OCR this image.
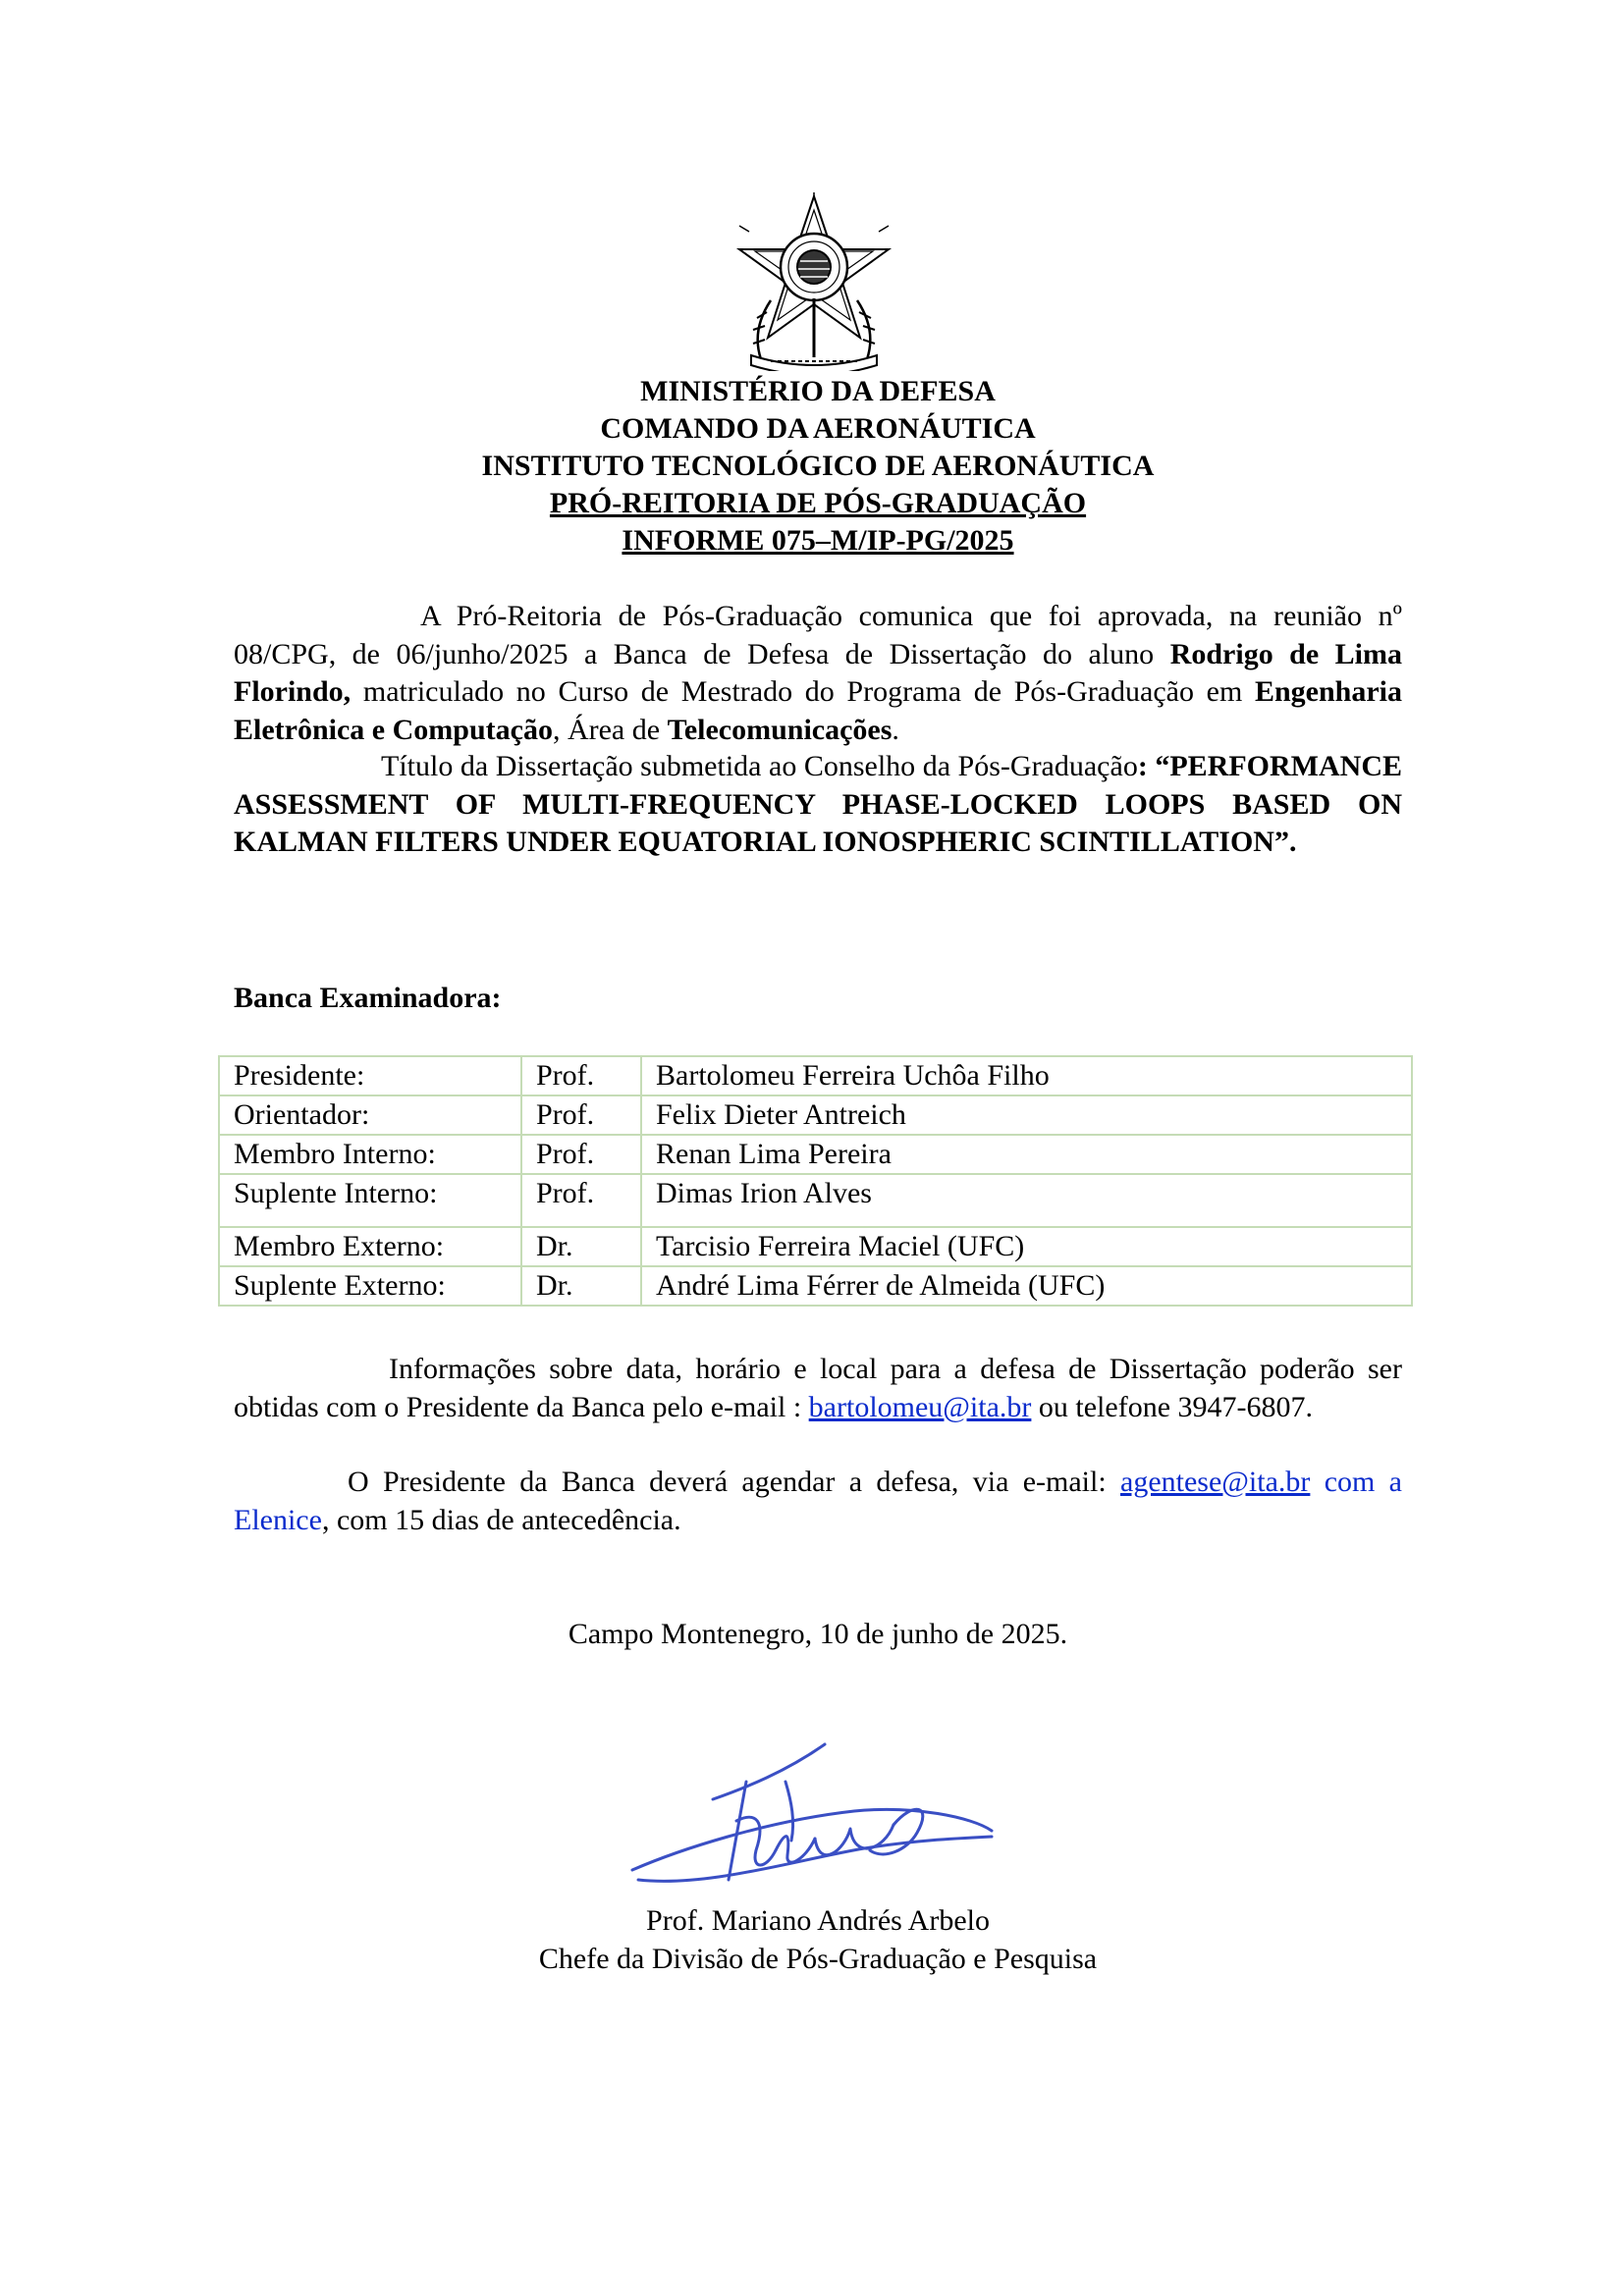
MINISTÉRIO DA DEFESA
COMANDO DA AERONÁUTICA
INSTITUTO TECNOLÓGICO DE AERONÁUTICA
PRÓ-REITORIA DE PÓS-GRADUAÇÃO
INFORME 075–M/IP-PG/2025

A Pró-Reitoria de Pós-Graduação comunica que foi aprovada, na reunião nº 08/CPG, de 06/junho/2025 a Banca de Defesa de Dissertação do aluno Rodrigo de Lima Florindo, matriculado no Curso de Mestrado do Programa de Pós-Graduação em Engenharia Eletrônica e Computação, Área de Telecomunicações.

Título da Dissertação submetida ao Conselho da Pós-Graduação: “PERFORMANCE ASSESSMENT OF MULTI-FREQUENCY PHASE-LOCKED LOOPS BASED ON KALMAN FILTERS UNDER EQUATORIAL IONOSPHERIC SCINTILLATION”.

Banca Examinadora:
Presidente:	Prof.	Bartolomeu Ferreira Uchôa Filho
Orientador:	Prof.	Felix Dieter Antreich
Membro Interno:	Prof.	Renan Lima Pereira
Suplente Interno:	Prof.	Dimas Irion Alves
Membro Externo:	Dr.	Tarcisio Ferreira Maciel (UFC)
Suplente Externo:	Dr.	André Lima Férrer de Almeida (UFC)

Informações sobre data, horário e local para a defesa de Dissertação poderão ser obtidas com o Presidente da Banca pelo e-mail : bartolomeu@ita.br ou telefone 3947-6807.

O Presidente da Banca deverá agendar a defesa, via e-mail: agentese@ita.br com a Elenice, com 15 dias de antecedência.

Campo Montenegro, 10 de junho de 2025.
Prof. Mariano Andrés Arbelo
Chefe da Divisão de Pós-Graduação e Pesquisa
